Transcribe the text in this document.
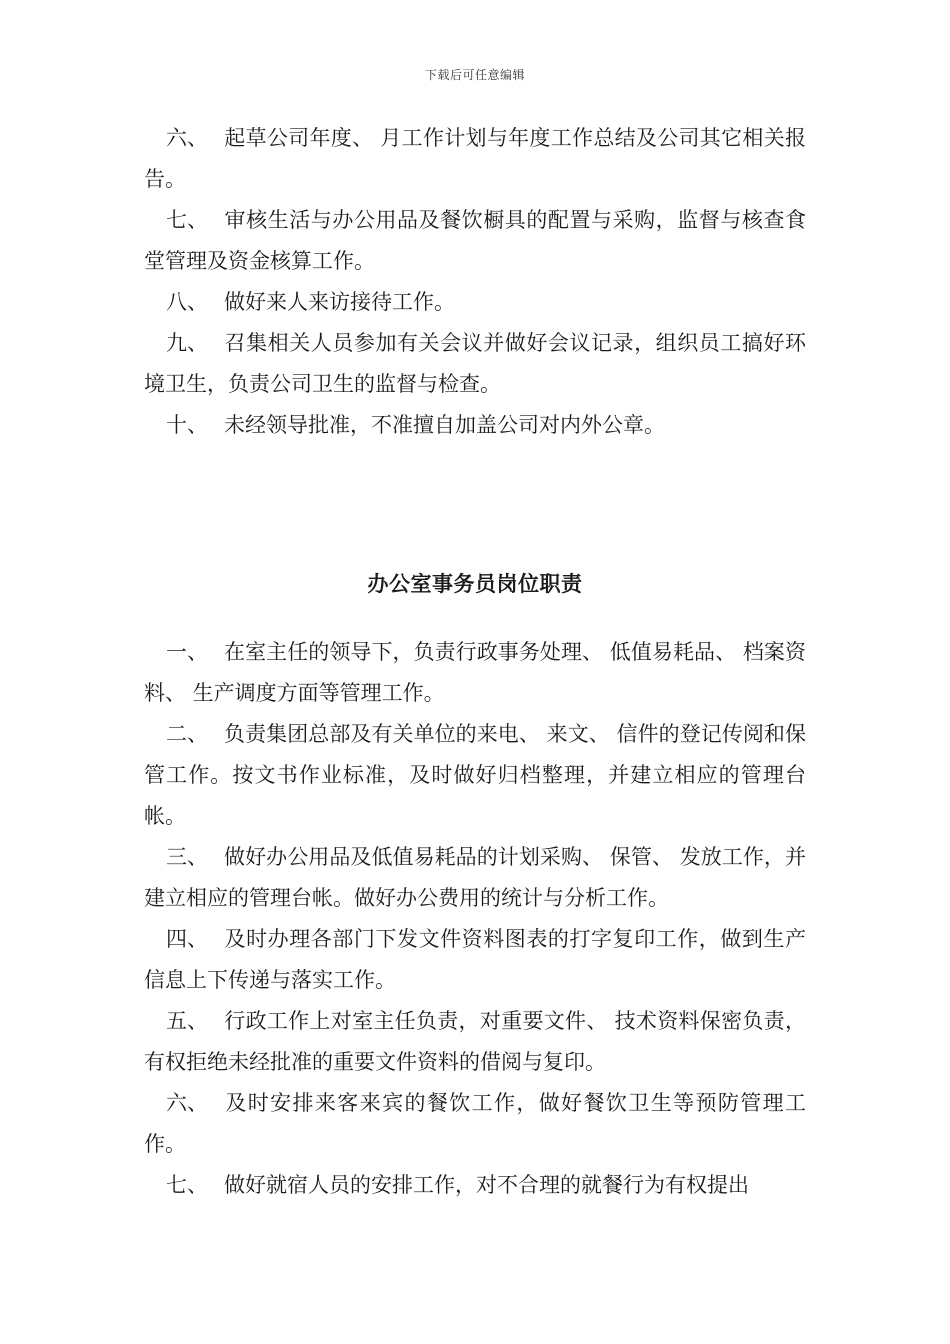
下载后可任意编辑

六、 起草公司年度、 月工作计划与年度工作总结及公司其它相关报告。

七、 审核生活与办公用品及餐饮橱具的配置与采购，监督与核查食堂管理及资金核算工作。

八、 做好来人来访接待工作。

九、 召集相关人员参加有关会议并做好会议记录，组织员工搞好环境卫生，负责公司卫生的监督与检查。

十、 未经领导批准，不准擅自加盖公司对内外公章。

办公室事务员岗位职责

一、 在室主任的领导下，负责行政事务处理、 低值易耗品、 档案资料、 生产调度方面等管理工作。

二、 负责集团总部及有关单位的来电、 来文、 信件的登记传阅和保管工作。按文书作业标准，及时做好归档整理，并建立相应的管理台帐。

三、 做好办公用品及低值易耗品的计划采购、 保管、 发放工作，并建立相应的管理台帐。做好办公费用的统计与分析工作。

四、 及时办理各部门下发文件资料图表的打字复印工作，做到生产信息上下传递与落实工作。

五、 行政工作上对室主任负责，对重要文件、 技术资料保密负责，有权拒绝未经批准的重要文件资料的借阅与复印。

六、 及时安排来客来宾的餐饮工作，做好餐饮卫生等预防管理工作。

七、 做好就宿人员的安排工作，对不合理的就餐行为有权提出
